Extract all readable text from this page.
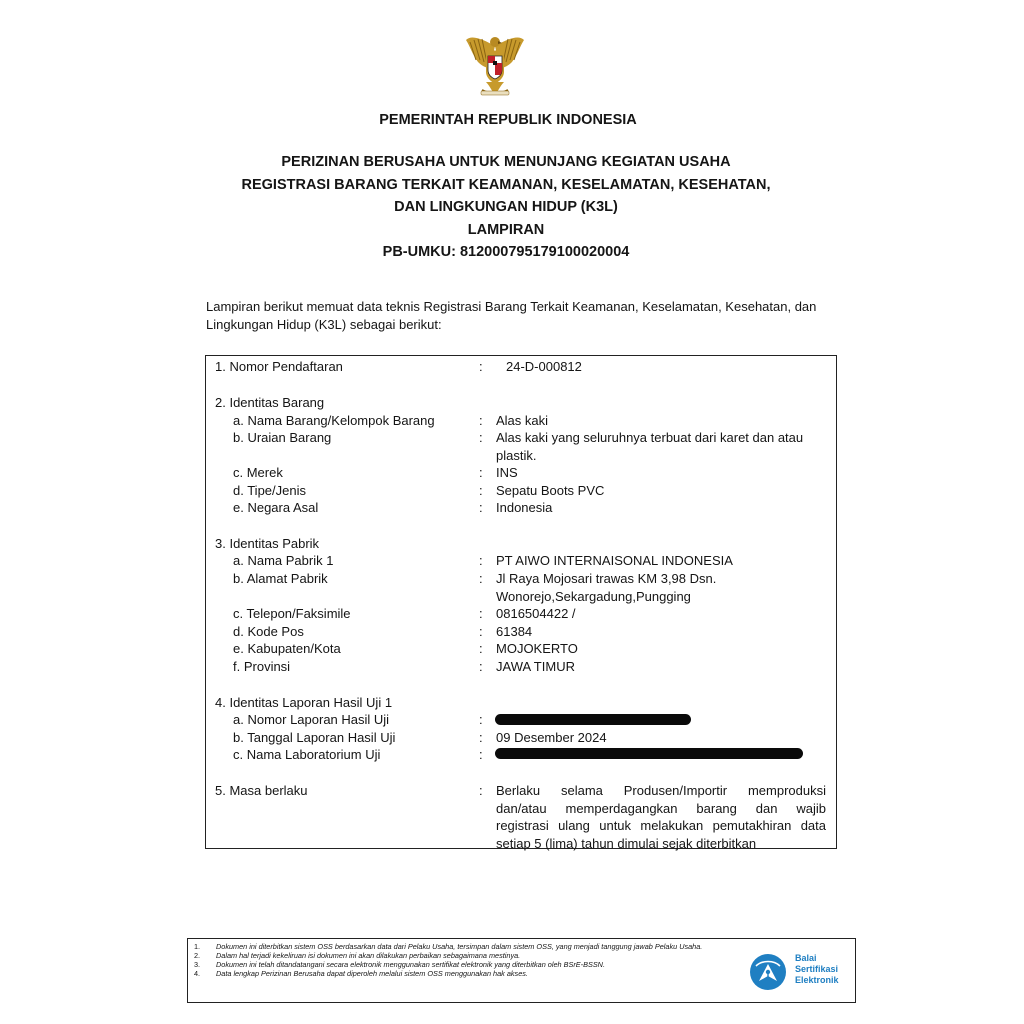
PEMERINTAH REPUBLIK INDONESIA
PERIZINAN BERUSAHA UNTUK MENUNJANG KEGIATAN USAHA
REGISTRASI BARANG TERKAIT KEAMANAN, KESELAMATAN, KESEHATAN,
DAN LINGKUNGAN HIDUP (K3L)
LAMPIRAN
PB-UMKU: 812000795179100020004
Lampiran berikut memuat data teknis Registrasi Barang Terkait Keamanan, Keselamatan, Kesehatan, dan
Lingkungan Hidup (K3L) sebagai berikut:
1. Nomor Pendaftaran	:	24-D-000812
2. Identitas Barang
a. Nama Barang/Kelompok Barang	:	Alas kaki
b. Uraian Barang	:	Alas kaki yang seluruhnya terbuat dari karet dan atau
plastik.
c. Merek	:	INS
d. Tipe/Jenis	:	Sepatu Boots PVC
e. Negara Asal	:	Indonesia
3. Identitas Pabrik
a. Nama Pabrik 1	:	PT AIWO INTERNAISONAL INDONESIA
b. Alamat Pabrik	:	Jl Raya Mojosari trawas KM 3,98 Dsn.
Wonorejo,Sekargadung,Pungging
c. Telepon/Faksimile	:	0816504422 /
d. Kode Pos	:	61384
e. Kabupaten/Kota	:	MOJOKERTO
f. Provinsi	:	JAWA TIMUR
4. Identitas Laporan Hasil Uji 1
a. Nomor Laporan Hasil Uji	:
b. Tanggal Laporan Hasil Uji	:	09 Desember 2024
c. Nama Laboratorium Uji	:
5. Masa berlaku	:	Berlaku selama Produsen/Importir memproduksi
dan/atau memperdagangkan barang dan wajib
registrasi ulang untuk melakukan pemutakhiran data
setiap 5 (lima) tahun dimulai sejak diterbitkan
1. Dokumen ini diterbitkan sistem OSS berdasarkan data dari Pelaku Usaha, tersimpan dalam sistem OSS, yang menjadi tanggung jawab Pelaku Usaha.
2. Dalam hal terjadi kekeliruan isi dokumen ini akan dilakukan perbaikan sebagaimana mestinya.
3. Dokumen ini telah ditandatangani secara elektronik menggunakan sertifikat elektronik yang diterbitkan oleh BSrE-BSSN.
4. Data lengkap Perizinan Berusaha dapat diperoleh melalui sistem OSS menggunakan hak akses.
Balai
Sertifikasi
Elektronik
